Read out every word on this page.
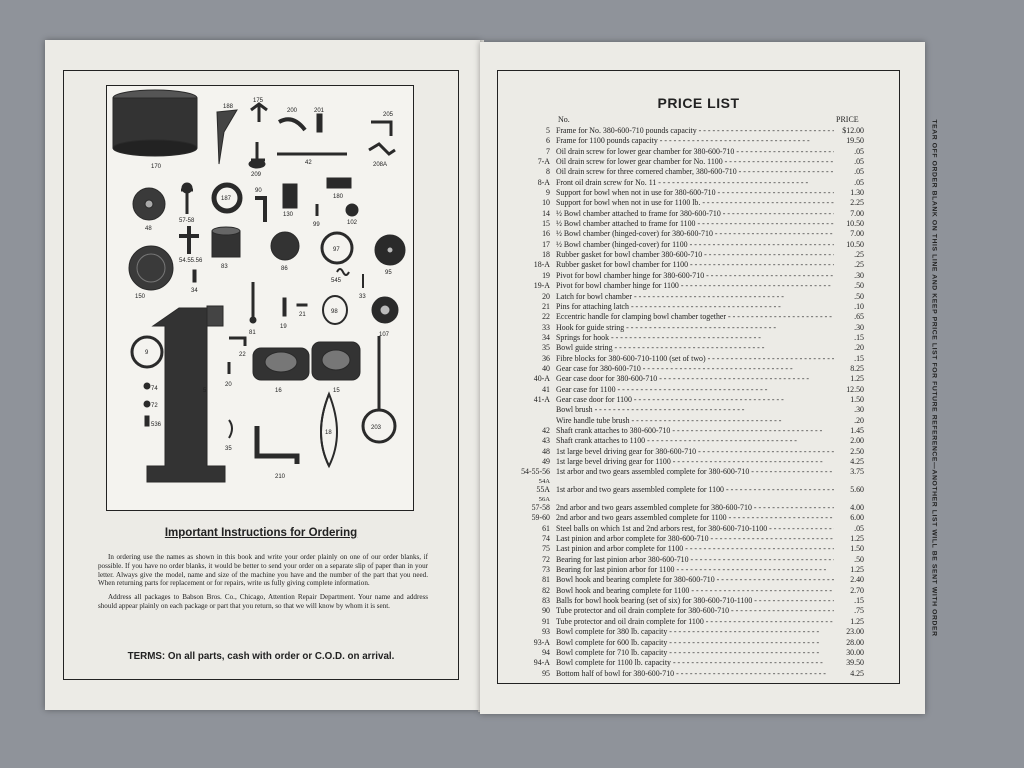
170
188
175
200	201
205
209
42	208A
48
57-58
187
90
130
180
99	102
54.55.56
83	86
97
95
150
34
545
33
81
19
21	98
107
9	22
74
72
20
16	15
536
5
35
18
203
210
Important Instructions for Ordering

In ordering use the names as shown in this book and write your order plainly on one of our order blanks, if possible. If you have no order blanks, it would be better to send your order on a separate slip of paper than in your letter. Always give the model, name and size of the machine you have and the number of the part that you need. When returning parts for replacement or for repairs, write us fully giving complete information.

Address all packages to Babson Bros. Co., Chicago, Attention Repair Department. Your name and address should appear plainly on each package or part that you return, so that we will know by whom it is sent.

TERMS: On all parts, cash with order or C.O.D. on arrival.
PRICE LIST
No.	PRICE
5 Frame for No. 380-600-710 pounds capacity - - -	$12.00
6 Frame for 1100 pounds capacity - - -	19.50
7 Oil drain screw for lower gear chamber for 380-600-710 - - -	.05
7-A Oil drain screw for lower gear chamber for No. 1100 - - -	.05
8 Oil drain screw for three cornered chamber, 380-600-710 - - -	.05
8-A Front oil drain screw for No. 11 - - -	.05
9 Support for bowl when not in use for 380-600-710 - - -	1.30
10 Support for bowl when not in use for 1100 lb. - - -	2.25
14 ½ Bowl chamber attached to frame for 380-600-710 - - -	7.00
15 ½ Bowl chamber attached to frame for 1100 - - -	10.50
16 ½ Bowl chamber (hinged-cover) for 380-600-710 - - -	7.00
17 ½ Bowl chamber (hinged-cover) for 1100 - - -	10.50
18 Rubber gasket for bowl chamber 380-600-710 - - -	.25
18-A Rubber gasket for bowl chamber for 1100 - - -	.25
19 Pivot for bowl chamber hinge for 380-600-710 - - -	.30
19-A Pivot for bowl chamber hinge for 1100 - - -	.50
20 Latch for bowl chamber - - -	.50
21 Pins for attaching latch - - -	.10
22 Eccentric handle for clamping bowl chamber together - - -	.65
33 Hook for guide string - - -	.30
34 Springs for hook - - -	.15
35 Bowl guide string - - -	.20
36 Fibre blocks for 380-600-710-1100 (set of two) - - -	.15
40 Gear case for 380-600-710 - - -	8.25
40-A Gear case door for 380-600-710 - - -	1.25
41 Gear case for 1100 - - -	12.50
41-A Gear case door for 1100 - - -	1.50
Bowl brush - - -	.30
Wire handle tube brush - - -	.20
42 Shaft crank attaches to 380-600-710 - - -	1.45
43 Shaft crank attaches to 1100 - - -	2.00
48 1st large bevel driving gear for 380-600-710 - - -	2.50
49 1st large bevel driving gear for 1100 - - -	4.25
54-55-56 1st arbor and two gears assembled complete for 380-600-710 - - -	3.75
54A
55A 1st arbor and two gears assembled complete for 1100 - - -	5.60
56A
57-58 2nd arbor and two gears assembled complete for 380-600-710 - - -	4.00
59-60 2nd arbor and two gears assembled complete for 1100 - - -	6.00
61 Steel balls on which 1st and 2nd arbors rest, for 380-600-710-1100 - - -	.05
74 Last pinion and arbor complete for 380-600-710 - - -	1.25
75 Last pinion and arbor complete for 1100 - - -	1.50
72 Bearing for last pinion arbor 380-600-710 - - -	.50
73 Bearing for last pinion arbor for 1100 - - -	1.25
81 Bowl hook and bearing complete for 380-600-710 - - -	2.40
82 Bowl hook and bearing complete for 1100 - - -	2.70
83 Balls for bowl hook bearing (set of six) for 380-600-710-1100 - - -	.15
90 Tube protector and oil drain complete for 380-600-710 - - -	.75
91 Tube protector and oil drain complete for 1100 - - -	1.25
93 Bowl complete for 380 lb. capacity - - -	23.00
93-A Bowl complete for 600 lb. capacity - - -	28.00
94 Bowl complete for 710 lb. capacity - - -	30.00
94-A Bowl complete for 1100 lb. capacity - - -	39.50
95 Bottom half of bowl for 380-600-710 - - -	4.25
TEAR OFF ORDER BLANK ON THIS LINE AND KEEP PRICE LIST FOR FUTURE REFERENCE—ANOTHER LIST WILL BE SENT WITH ORDER
